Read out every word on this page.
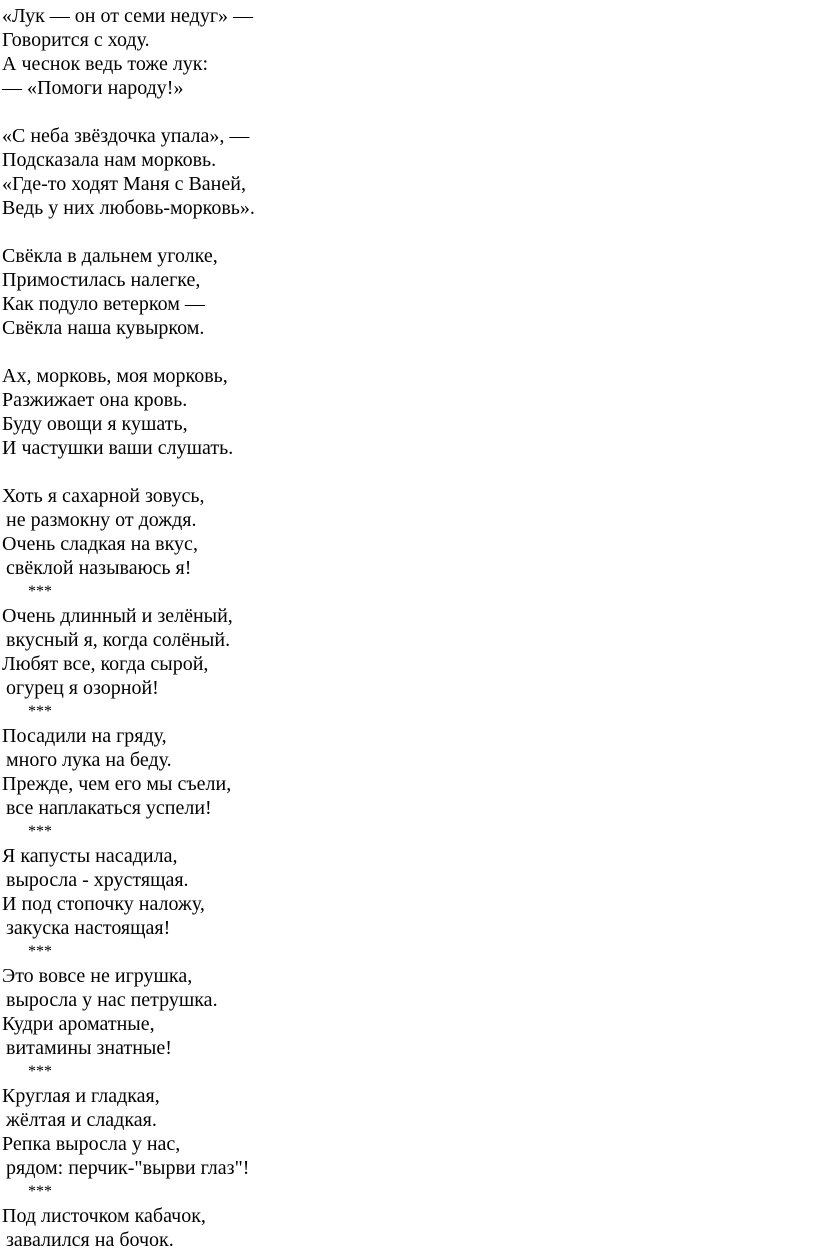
«Лук — он от семи недуг» —
Говорится с ходу.
А чеснок ведь тоже лук:
— «Помоги народу!»
«С неба звёздочка упала», —
Подсказала нам морковь.
«Где-то ходят Маня с Ваней,
Ведь у них любовь-морковь».
Свёкла в дальнем уголке,
Примостилась налегке,
Как подуло ветерком —
Свёкла наша кувырком.
Ах, морковь, моя морковь,
Разжижает она кровь.
Буду овощи я кушать,
И частушки ваши слушать.
Хоть я сахарной зовусь,
не размокну от дождя.
Очень сладкая на вкус,
свёклой называюсь я!
***
Очень длинный и зелёный,
вкусный я, когда солёный.
Любят все, когда сырой,
огурец я озорной!
***
Посадили на гряду,
много лука на беду.
Прежде, чем его мы съели,
все наплакаться успели!
***
Я капусты насадила,
выросла - хрустящая.
И под стопочку наложу,
закуска настоящая!
***
Это вовсе не игрушка,
выросла у нас петрушка.
Кудри ароматные,
витамины знатные!
***
Круглая и гладкая,
жёлтая и сладкая.
Репка выросла у нас,
рядом: перчик-"вырви глаз"!
***
Под листочком кабачок,
завалился на бочок.
